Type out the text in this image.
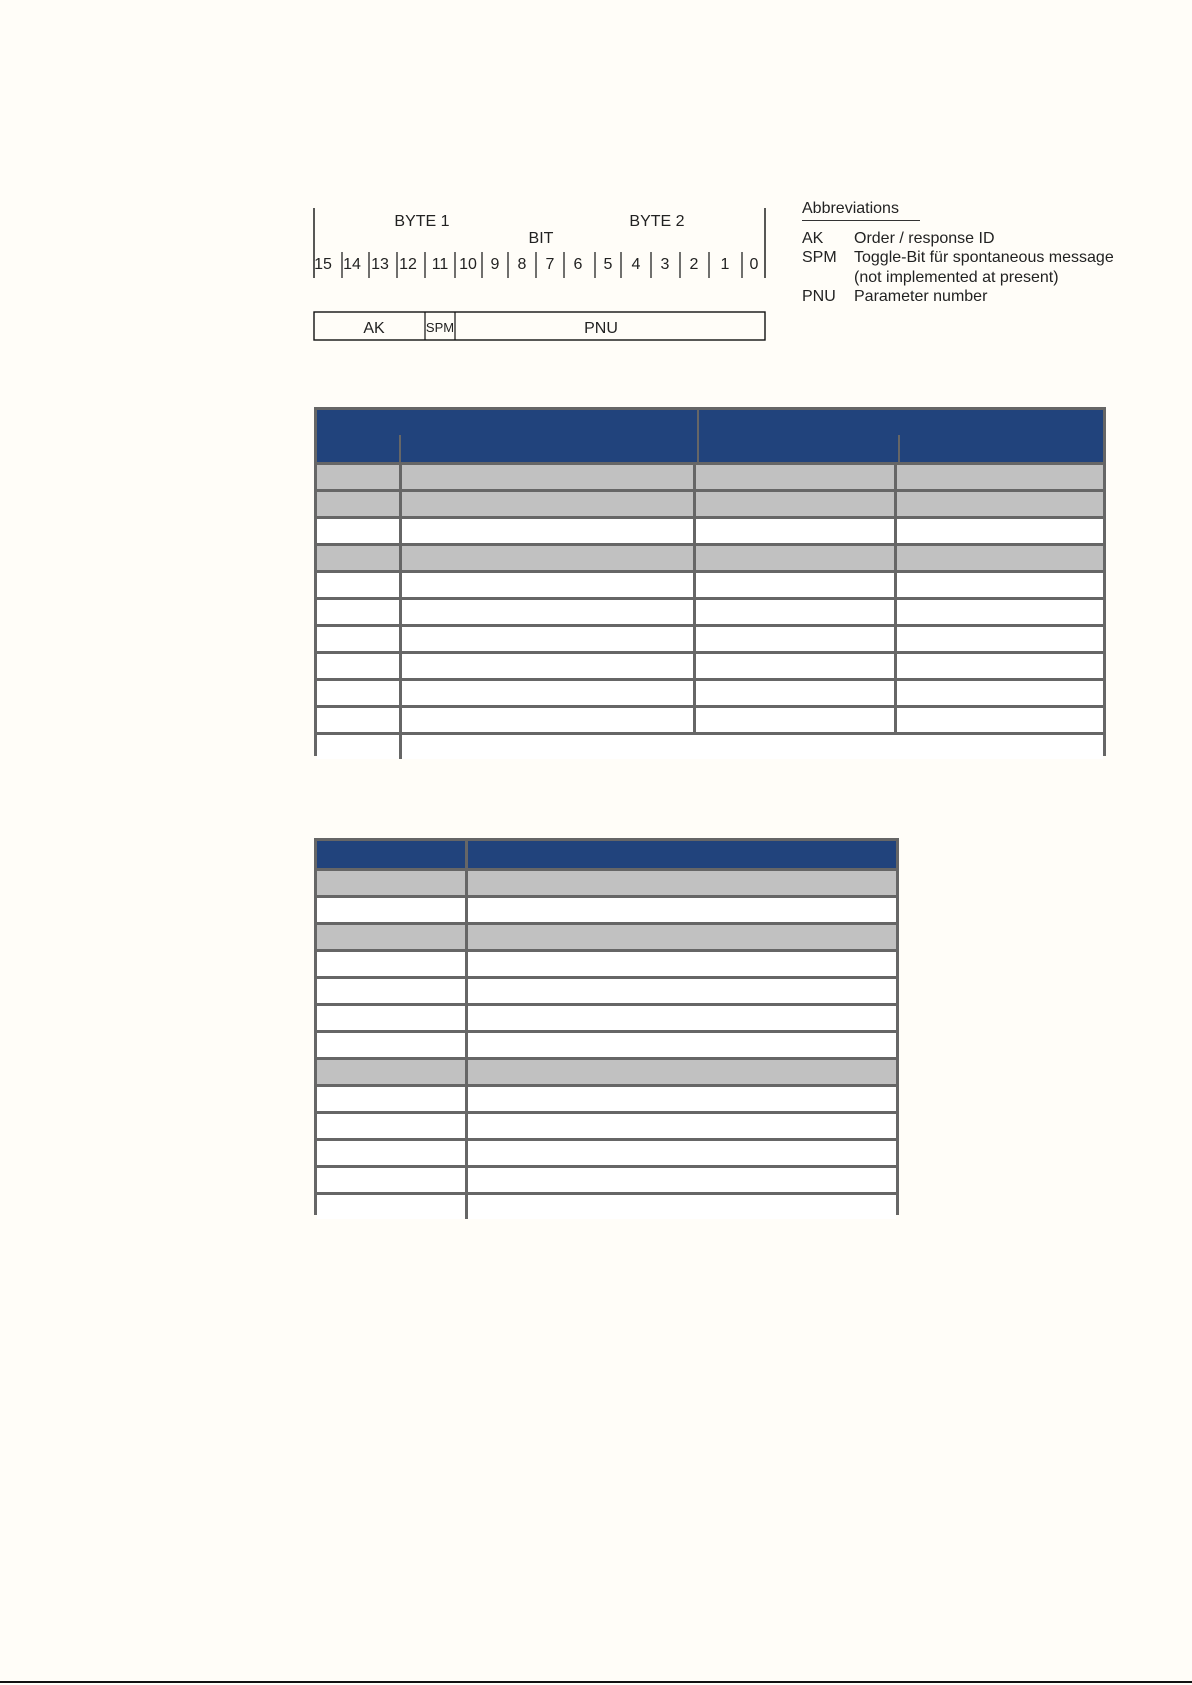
BYTE 1	BYTE 2
BIT
15 14 13 12 11 10 9 8 7 6 5 4 3 2 1 0
AK	SPM	PNU
Abbreviations
AK	Order / response ID
SPM	Toggle-Bit für spontaneous message
(not implemented at present)
PNU	Parameter number
